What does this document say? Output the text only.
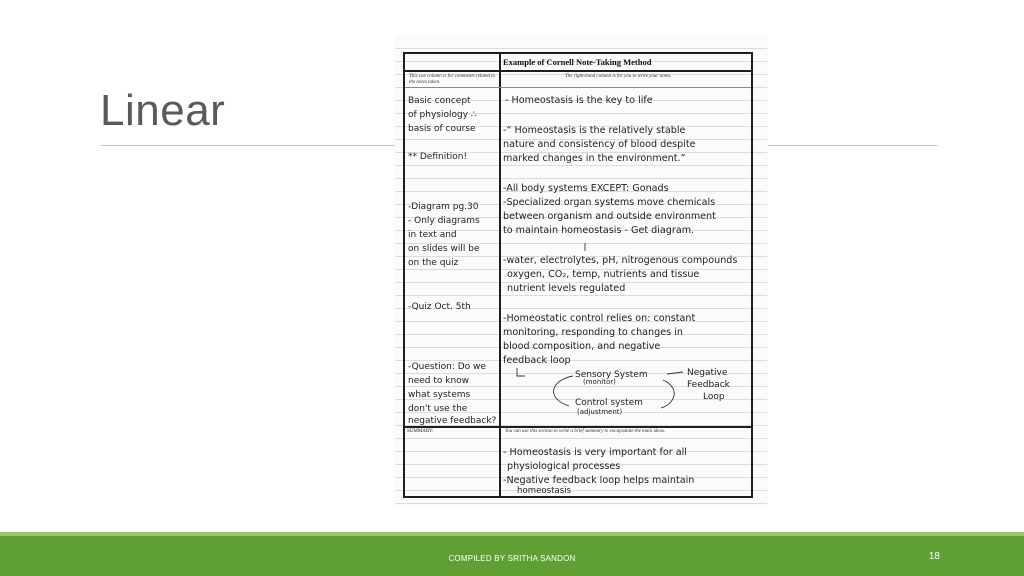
Linear
Example of Cornell Note-Taking Method
This cue column is for comments related to the notes taken.
The right-hand column is for you to write your notes.
Basic concept
of physiology ∴
basis of course
** Definition!
-Diagram pg.30
- Only diagrams
in text and
on slides will be
on the quiz
-Quiz Oct. 5th
-Question: Do we
need to know
what systems
don't use the
negative feedback?
- Homeostasis is the key to life
-“ Homeostasis is the relatively stable
nature and consistency of blood despite
marked changes in the environment.”
-All body systems EXCEPT: Gonads
-Specialized organ systems move chemicals
between organism and outside environment
to maintain homeostasis - Get diagram.
-water, electrolytes, pH, nitrogenous compounds
oxygen, CO₂, temp, nutrients and tissue
nutrient levels regulated
-Homeostatic control relies on: constant
monitoring, responding to changes in
blood composition, and negative
feedback loop
Sensory System
(monitor)
Control system
(adjustment)
Negative
Feedback
Loop
SUMMARY:	You can use this section to write a brief summary to encapsulate the main ideas.
- Homeostasis is very important for all
physiological processes
-Negative feedback loop helps maintain
homeostasis
COMPILED BY SRITHA SANDON	18
